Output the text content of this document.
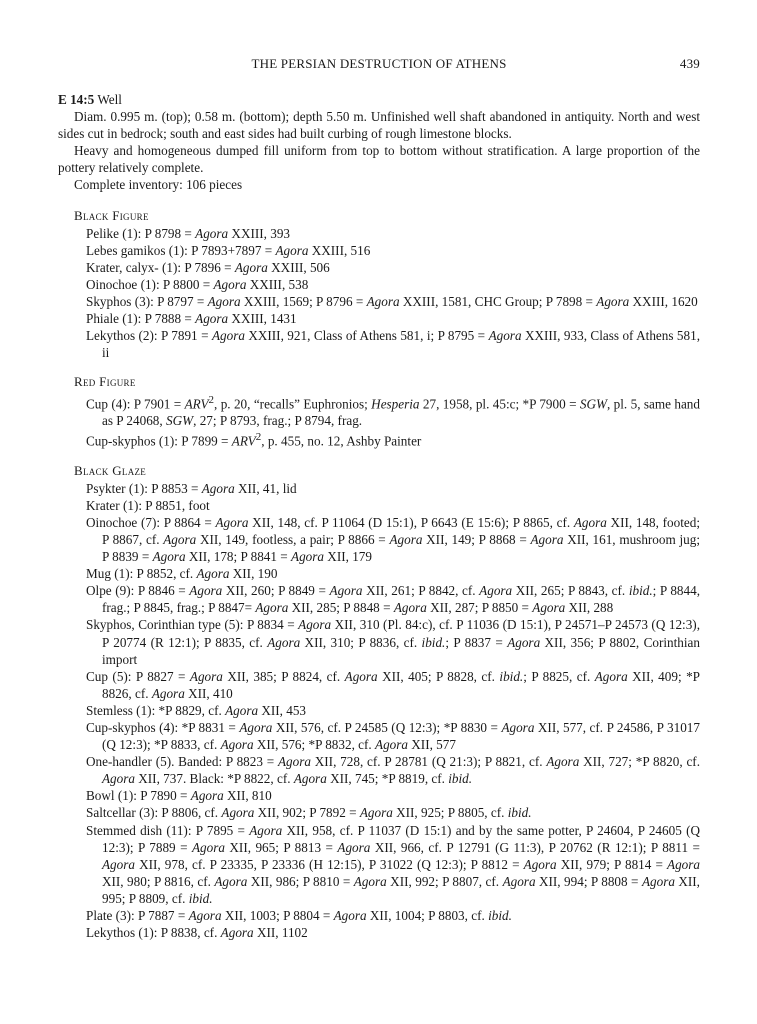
THE PERSIAN DESTRUCTION OF ATHENS	439
E 14:5 Well

Diam. 0.995 m. (top); 0.58 m. (bottom); depth 5.50 m. Unfinished well shaft abandoned in antiquity. North and west sides cut in bedrock; south and east sides had built curbing of rough limestone blocks.

Heavy and homogeneous dumped fill uniform from top to bottom without stratification. A large proportion of the pottery relatively complete.

Complete inventory: 106 pieces

Black Figure

Pelike (1): P 8798 = Agora XXIII, 393

Lebes gamikos (1): P 7893+7897 = Agora XXIII, 516

Krater, calyx- (1): P 7896 = Agora XXIII, 506

Oinochoe (1): P 8800 = Agora XXIII, 538

Skyphos (3): P 8797 = Agora XXIII, 1569; P 8796 = Agora XXIII, 1581, CHC Group; P 7898 = Agora XXIII, 1620

Phiale (1): P 7888 = Agora XXIII, 1431

Lekythos (2): P 7891 = Agora XXIII, 921, Class of Athens 581, i; P 8795 = Agora XXIII, 933, Class of Athens 581, ii

Red Figure

Cup (4): P $7901 = ARV^2$, p. 20, “recalls” Euphronios; Hesperia 27, 1958, pl. 45:c; *P 7900 = SGW, pl. 5, same hand as P 24068, SGW, 27; P 8793, frag.; P 8794, frag.

Cup-skyphos (1): P $7899 = ARV^2$, p. 455, no. 12, Ashby Painter

Black Glaze

Psykter (1): P 8853 = Agora XII, 41, lid

Krater (1): P 8851, foot

Oinochoe (7): P 8864 = Agora XII, 148, cf. P 11064 (D 15:1), P 6643 (E 15:6); P 8865, cf. Agora XII, 148, footed; P 8867, cf. Agora XII, 149, footless, a pair; P 8866 = Agora XII, 149; P 8868 = Agora XII, 161, mushroom jug; P 8839 = Agora XII, 178; P 8841 = Agora XII, 179

Mug (1): P 8852, cf. Agora XII, 190

Olpe (9): P 8846 = Agora XII, 260; P 8849 = Agora XII, 261; P 8842, cf. Agora XII, 265; P 8843, cf. ibid.; P 8844, frag.; P 8845, frag.; P 8847= Agora XII, 285; P 8848 = Agora XII, 287; P 8850 = Agora XII, 288

Skyphos, Corinthian type (5): P 8834 = Agora XII, 310 (Pl. 84:c), cf. P 11036 (D 15:1), P 24571–P 24573 (Q 12:3), P 20774 (R 12:1); P 8835, cf. Agora XII, 310; P 8836, cf. ibid.; P 8837 = Agora XII, 356; P 8802, Corinthian import

Cup (5): P 8827 = Agora XII, 385; P 8824, cf. Agora XII, 405; P 8828, cf. ibid.; P 8825, cf. Agora XII, 409; *P 8826, cf. Agora XII, 410

Stemless (1): *P 8829, cf. Agora XII, 453

Cup-skyphos (4): *P 8831 = Agora XII, 576, cf. P 24585 (Q 12:3); *P 8830 = Agora XII, 577, cf. P 24586, P 31017 (Q 12:3); *P 8833, cf. Agora XII, 576; *P 8832, cf. Agora XII, 577

One-handler (5). Banded: P 8823 = Agora XII, 728, cf. P 28781 (Q 21:3); P 8821, cf. Agora XII, 727; *P 8820, cf. Agora XII, 737. Black: *P 8822, cf. Agora XII, 745; *P 8819, cf. ibid.

Bowl (1): P 7890 = Agora XII, 810

Saltcellar (3): P 8806, cf. Agora XII, 902; P 7892 = Agora XII, 925; P 8805, cf. ibid.

Stemmed dish (11): P 7895 = Agora XII, 958, cf. P 11037 (D 15:1) and by the same potter, P 24604, P 24605 (Q 12:3); P 7889 = Agora XII, 965; P 8813 = Agora XII, 966, cf. P 12791 (G 11:3), P 20762 (R 12:1); P 8811 = Agora XII, 978, cf. P 23335, P 23336 (H 12:15), P 31022 (Q 12:3); P 8812 = Agora XII, 979; P 8814 = Agora XII, 980; P 8816, cf. Agora XII, 986; P 8810 = Agora XII, 992; P 8807, cf. Agora XII, 994; P 8808 = Agora XII, 995; P 8809, cf. ibid.

Plate (3): P 7887 = Agora XII, 1003; P 8804 = Agora XII, 1004; P 8803, cf. ibid.

Lekythos (1): P 8838, cf. Agora XII, 1102
